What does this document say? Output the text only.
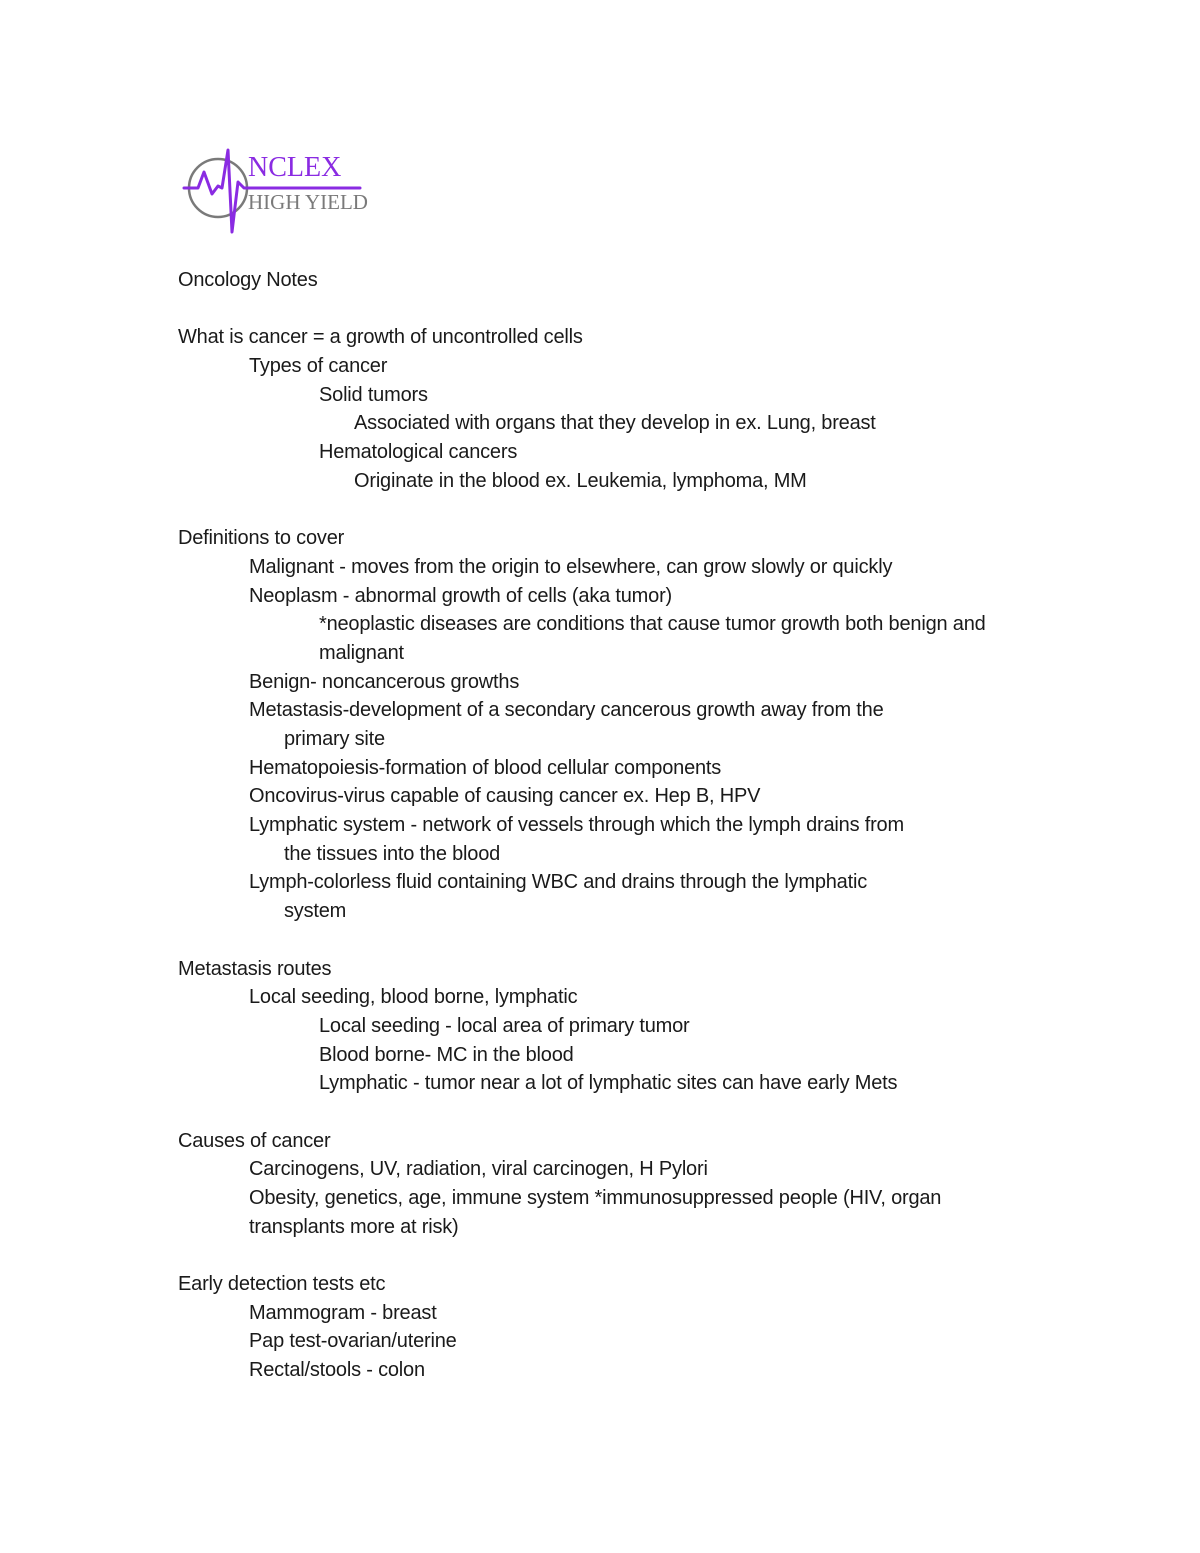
NCLEX
HIGH YIELD
Oncology Notes
What is cancer = a growth of uncontrolled cells
Types of cancer
Solid tumors
Associated with organs that they develop in ex. Lung, breast
Hematological cancers
Originate in the blood ex. Leukemia, lymphoma, MM
Definitions to cover
Malignant - moves from the origin to elsewhere, can grow slowly or quickly
Neoplasm - abnormal growth of cells (aka tumor)
*neoplastic diseases are conditions that cause tumor growth both benign and
malignant
Benign- noncancerous growths
Metastasis-development of a secondary cancerous growth away from the
primary site
Hematopoiesis-formation of blood cellular components
Oncovirus-virus capable of causing cancer ex. Hep B, HPV
Lymphatic system - network of vessels through which the lymph drains from
the tissues into the blood
Lymph-colorless fluid containing WBC and drains through the lymphatic
system
Metastasis routes
Local seeding, blood borne, lymphatic
Local seeding - local area of primary tumor
Blood borne- MC in the blood
Lymphatic - tumor near a lot of lymphatic sites can have early Mets
Causes of cancer
Carcinogens, UV, radiation, viral carcinogen, H Pylori
Obesity, genetics, age, immune system *immunosuppressed people (HIV, organ
transplants more at risk)
Early detection tests etc
Mammogram - breast
Pap test-ovarian/uterine
Rectal/stools - colon
